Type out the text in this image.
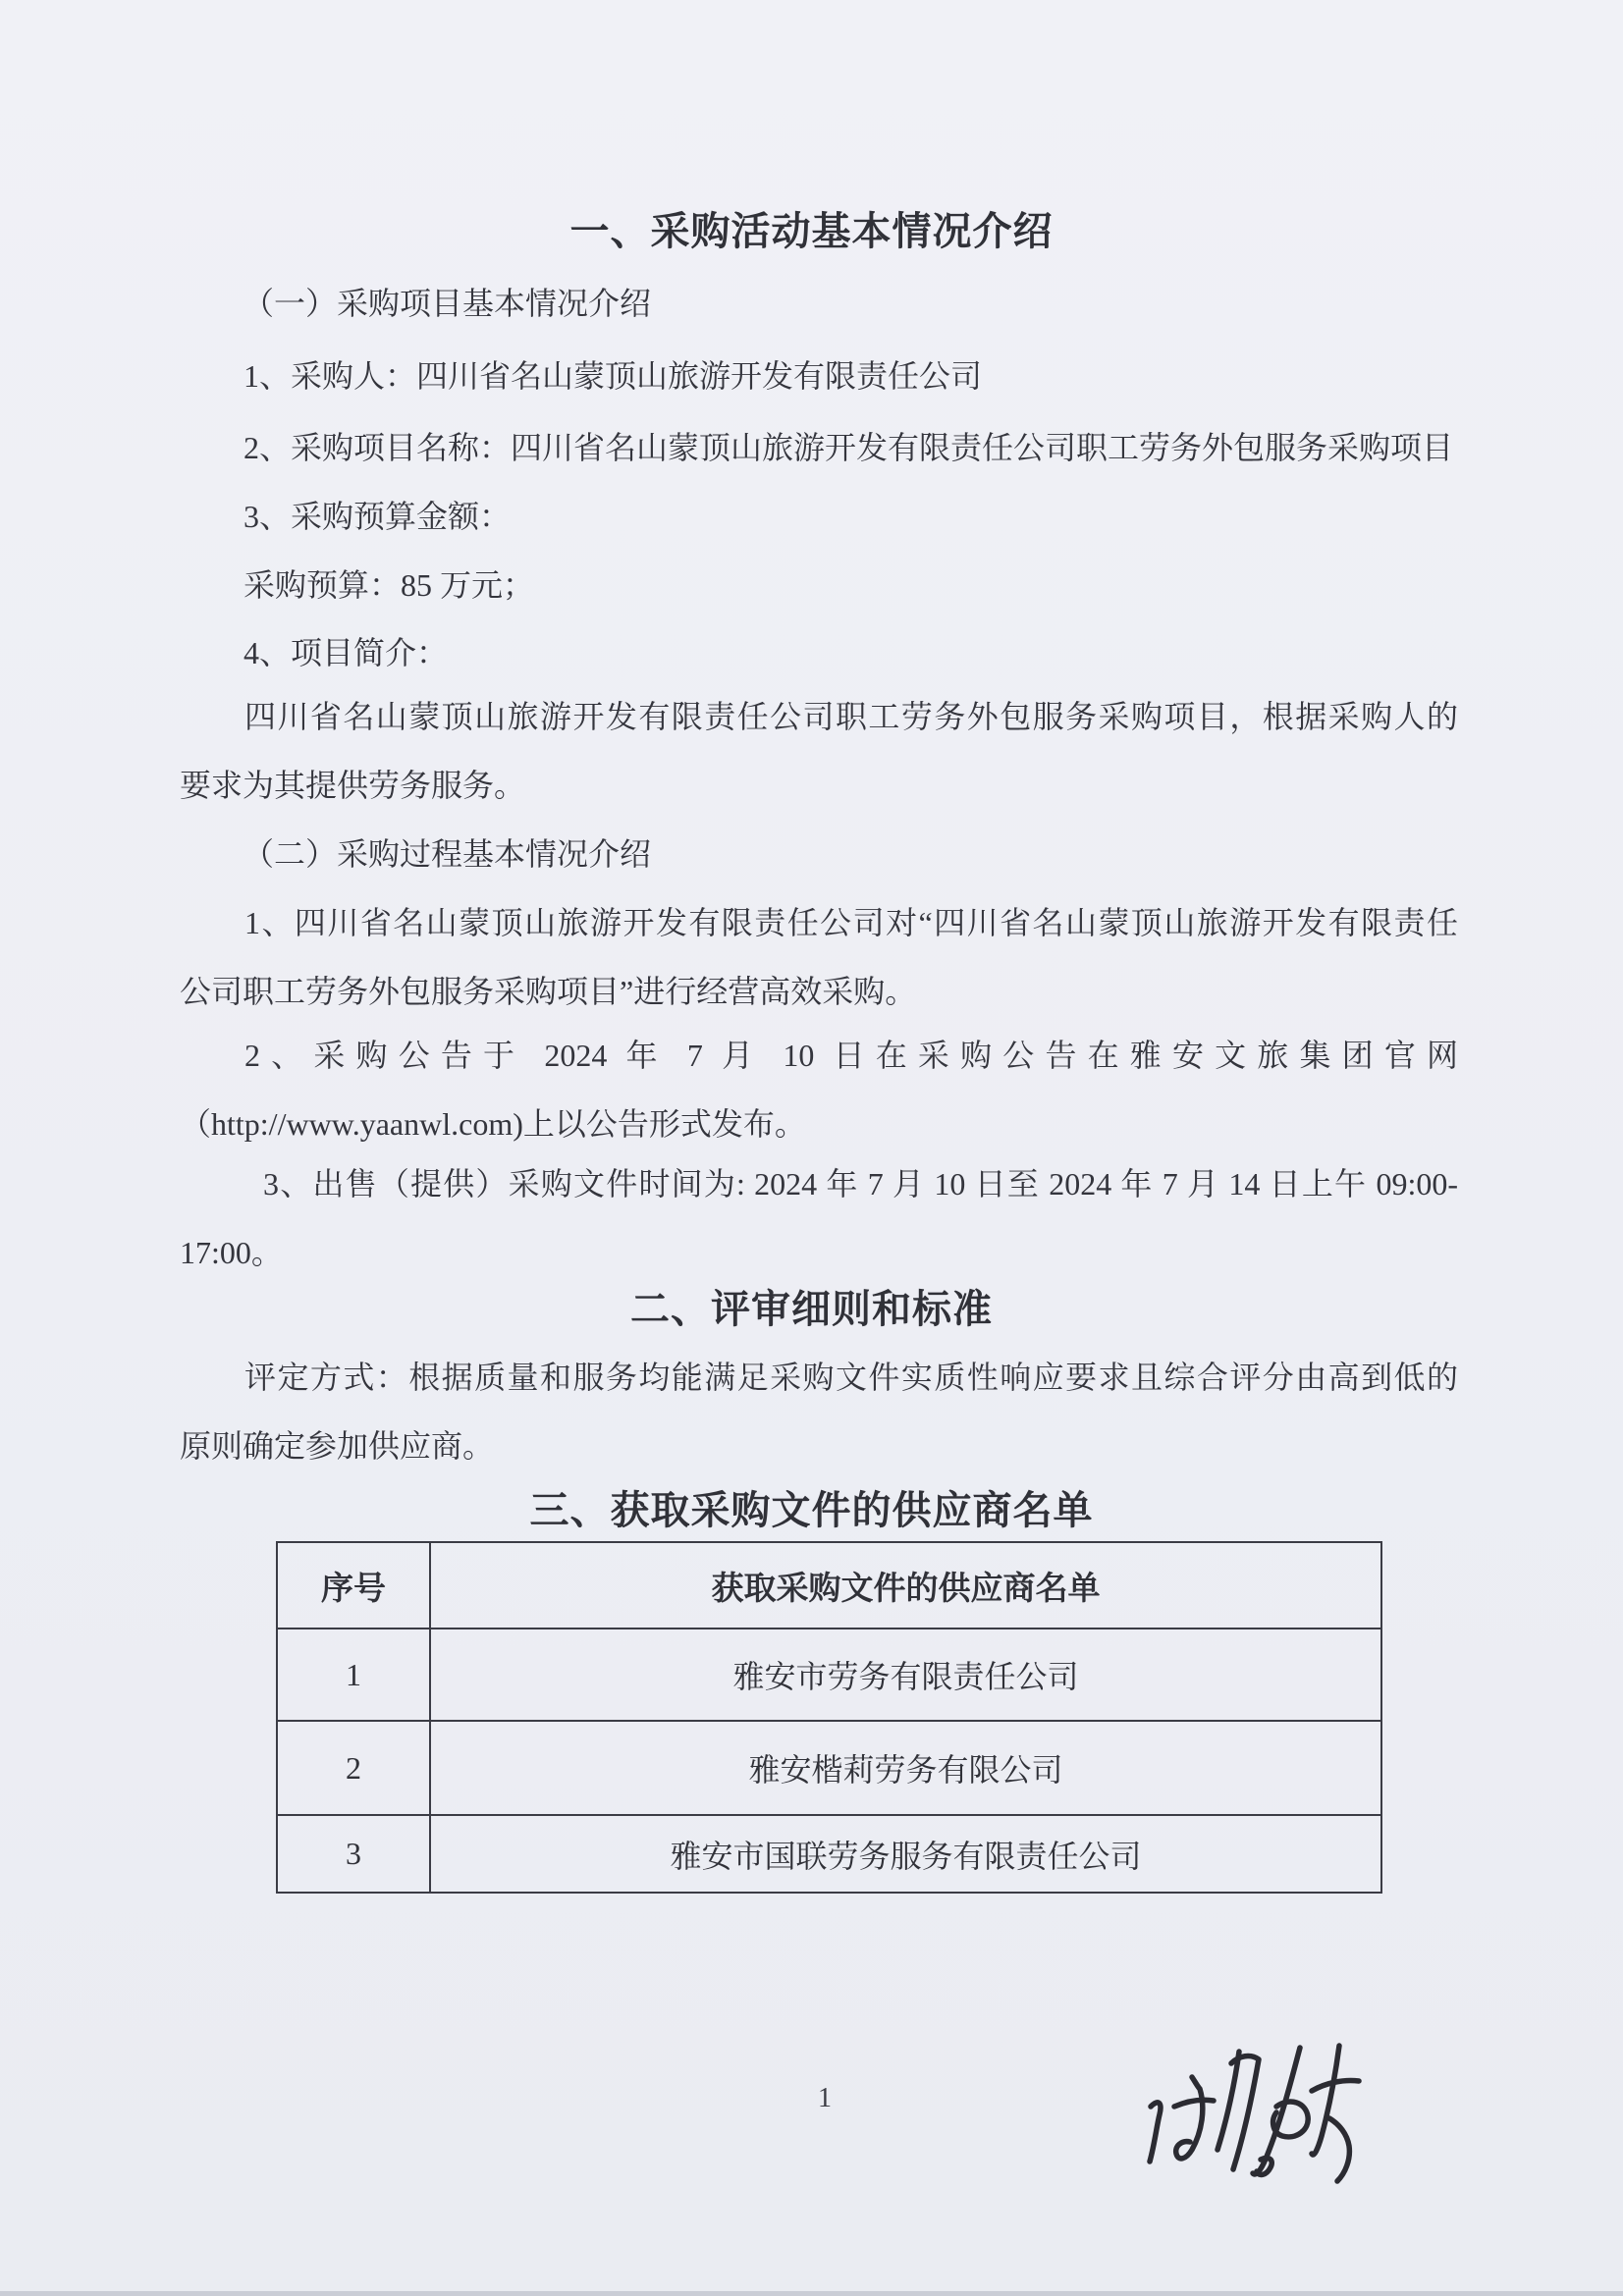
一、采购活动基本情况介绍
（一）采购项目基本情况介绍
1、采购人：四川省名山蒙顶山旅游开发有限责任公司
2、采购项目名称：四川省名山蒙顶山旅游开发有限责任公司职工劳务外包服务采购项目
3、采购预算金额：
采购预算：85 万元；
4、项目简介：
四川省名山蒙顶山旅游开发有限责任公司职工劳务外包服务采购项目，根据采购人的
要求为其提供劳务服务。
（二）采购过程基本情况介绍
1、四川省名山蒙顶山旅游开发有限责任公司对“四川省名山蒙顶山旅游开发有限责任
公司职工劳务外包服务采购项目”进行经营高效采购。
2、采购公告于 2024 年 7 月 10 日在采购公告在雅安文旅集团官网
（http://www.yaanwl.com)上以公告形式发布。
3、出售（提供）采购文件时间为: 2024 年 7 月 10 日至 2024 年 7 月 14 日上午 09:00-
17:00。
二、评审细则和标准
评定方式：根据质量和服务均能满足采购文件实质性响应要求且综合评分由高到低的
原则确定参加供应商。
三、获取采购文件的供应商名单
序号	获取采购文件的供应商名单
1	雅安市劳务有限责任公司
2	雅安楷莉劳务有限公司
3	雅安市国联劳务服务有限责任公司
1
